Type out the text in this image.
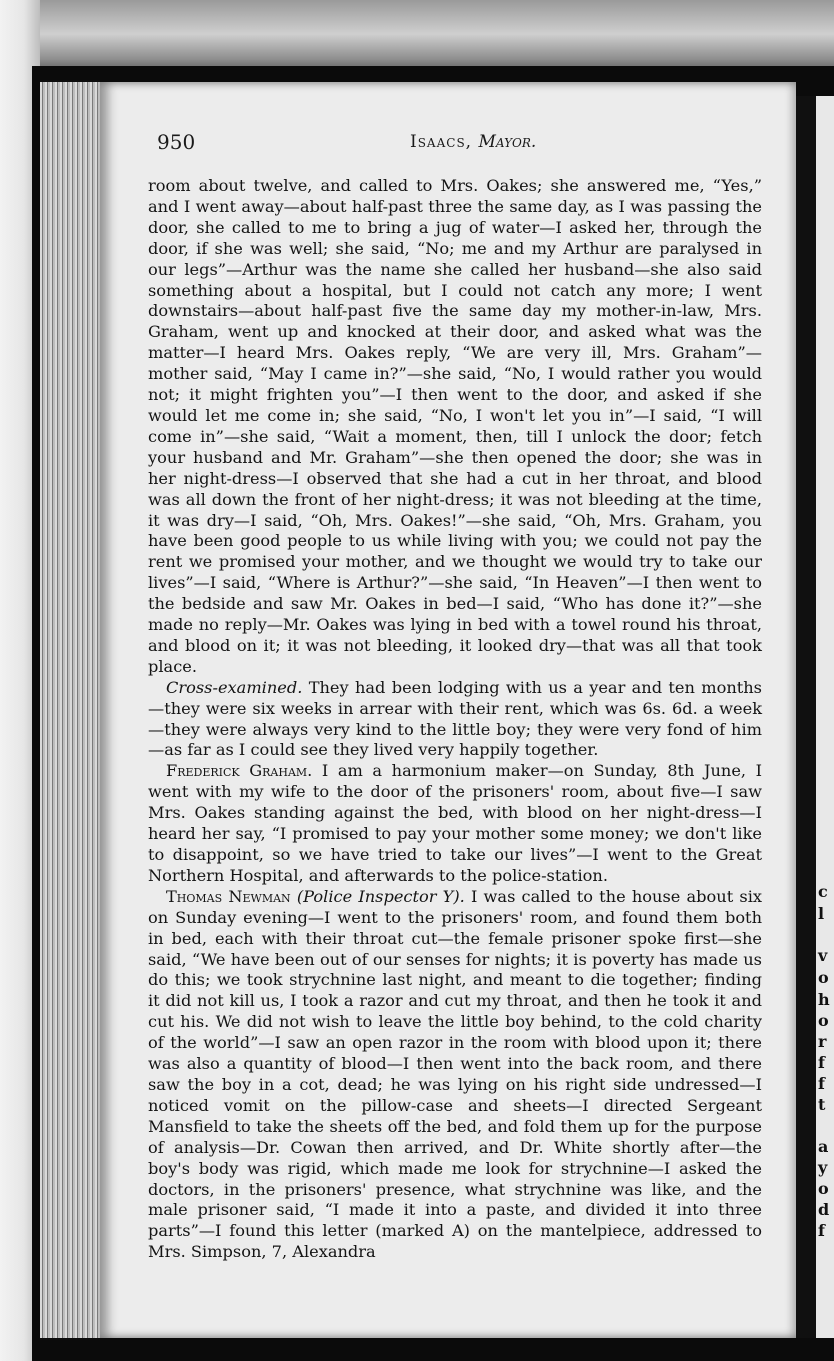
950	Isaacs, Mayor.

room about twelve, and called to Mrs. Oakes; she answered me, “Yes,” and I went away—about half-past three the same day, as I was passing the door, she called to me to bring a jug of water—I asked her, through the door, if she was well; she said, “No; me and my Arthur are paralysed in our legs”—Arthur was the name she called her husband—she also said something about a hospital, but I could not catch any more; I went downstairs—about half-past five the same day my mother-in-law, Mrs. Graham, went up and knocked at their door, and asked what was the matter—I heard Mrs. Oakes reply, “We are very ill, Mrs. Graham”—mother said, “May I came in?”—she said, “No, I would rather you would not; it might frighten you”—I then went to the door, and asked if she would let me come in; she said, “No, I won't let you in”—I said, “I will come in”—she said, “Wait a moment, then, till I unlock the door; fetch your husband and Mr. Graham”—she then opened the door; she was in her night-dress—I observed that she had a cut in her throat, and blood was all down the front of her night-dress; it was not bleeding at the time, it was dry—I said, “Oh, Mrs. Oakes!”—she said, “Oh, Mrs. Graham, you have been good people to us while living with you; we could not pay the rent we promised your mother, and we thought we would try to take our lives”—I said, “Where is Arthur?”—she said, “In Heaven”—I then went to the bedside and saw Mr. Oakes in bed—I said, “Who has done it?”—she made no reply—Mr. Oakes was lying in bed with a towel round his throat, and blood on it; it was not bleeding, it looked dry—that was all that took place.

Cross-examined. They had been lodging with us a year and ten months—they were six weeks in arrear with their rent, which was 6s. 6d. a week—they were always very kind to the little boy; they were very fond of him—as far as I could see they lived very happily together.

Frederick Graham. I am a harmonium maker—on Sunday, 8th June, I went with my wife to the door of the prisoners' room, about five—I saw Mrs. Oakes standing against the bed, with blood on her night-dress—I heard her say, “I promised to pay your mother some money; we don't like to disappoint, so we have tried to take our lives”—I went to the Great Northern Hospital, and afterwards to the police-station.

Thomas Newman (Police Inspector Y). I was called to the house about six on Sunday evening—I went to the prisoners' room, and found them both in bed, each with their throat cut—the female prisoner spoke first—she said, “We have been out of our senses for nights; it is poverty has made us do this; we took strychnine last night, and meant to die together; finding it did not kill us, I took a razor and cut my throat, and then he took it and cut his. We did not wish to leave the little boy behind, to the cold charity of the world”—I saw an open razor in the room with blood upon it; there was also a quantity of blood—I then went into the back room, and there saw the boy in a cot, dead; he was lying on his right side undressed—I noticed vomit on the pillow-case and sheets—I directed Sergeant Mansfield to take the sheets off the bed, and fold them up for the purpose of analysis—Dr. Cowan then arrived, and Dr. White shortly after—the boy's body was rigid, which made me look for strychnine—I asked the doctors, in the prisoners' presence, what strychnine was like, and the male prisoner said, “I made it into a paste, and divided it into three parts”—I found this letter (marked A) on the mantelpiece, addressed to Mrs. Simpson, 7, Alexandra

c
l
v
o
h
o
r
f
f
t
a
y
o
d
f
